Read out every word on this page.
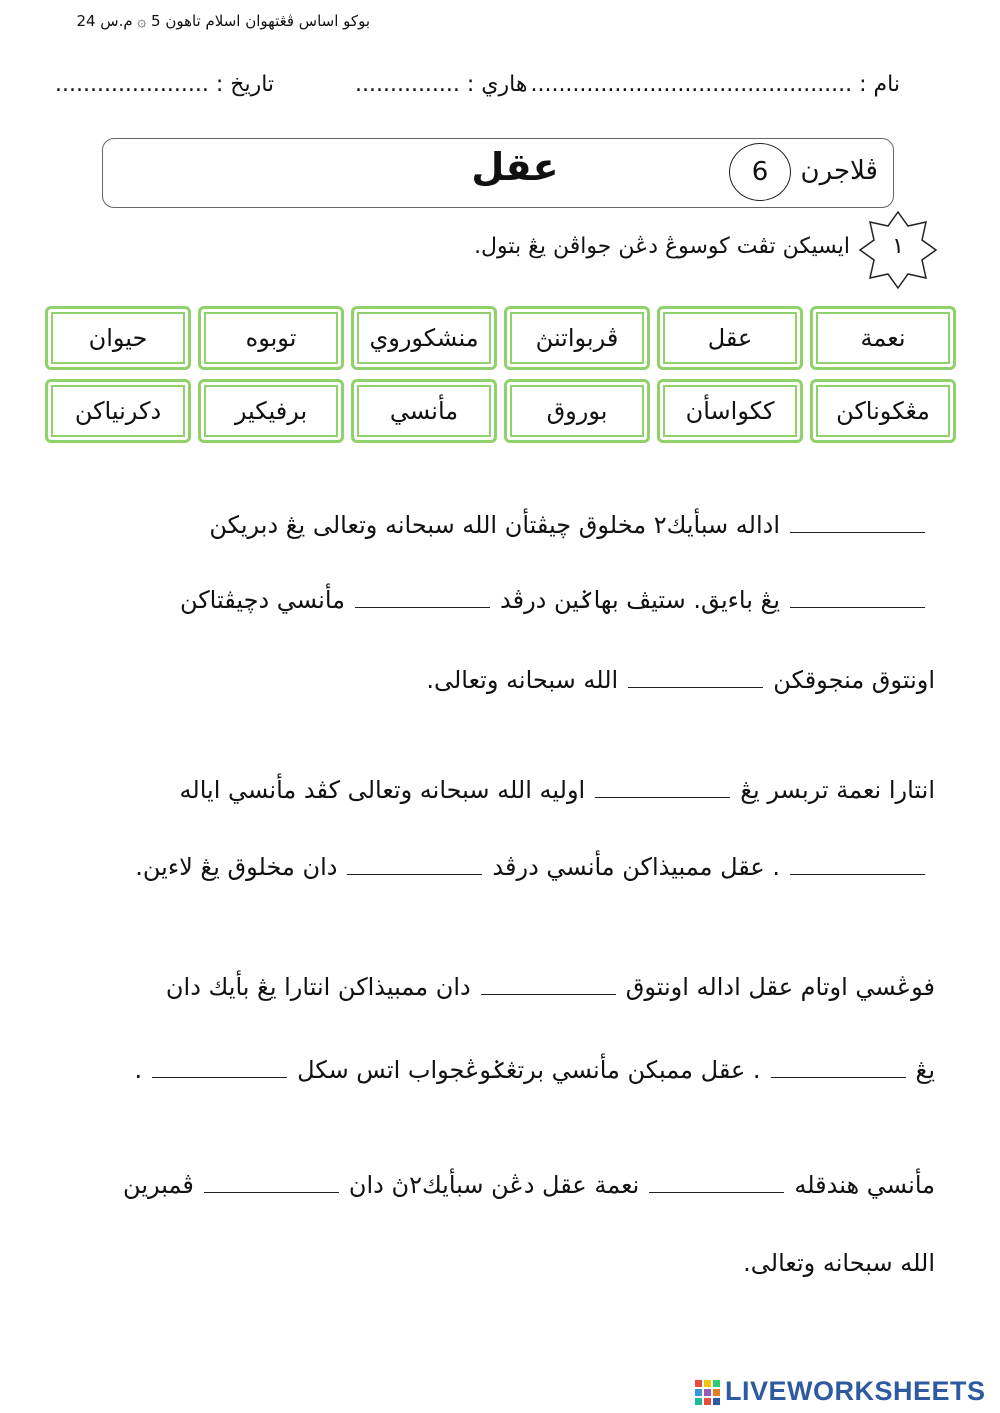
بوكو اساس ڤڠتهوان اسلام تاهون 5 ۞ م.س 24
نام : ..............................................
هاري : ...............
تاريخ : ......................
ڤلاجرن
6
عقل
١
ايسيكن تڤت كوسوڠ دڠن جواڤن يڠ بتول.
نعمة
عقل
ڤربواتنڽ
منشكوروي
توبوه
حيوان
مڠكوناكن
ككواسأن
بوروق
مأنسي
برفيكير
دكرنياكن
اداله سبأيك٢ مخلوق چيڤتأن الله سبحانه وتعالى يڠ دبريكن
يڠ باءيق. ستيڤ بهاݢين درڤدمأنسي دچيڤتاكن
اونتوق منجوقكنالله سبحانه وتعالى.
انتارا نعمة تربسر يڠاوليه الله سبحانه وتعالى كڤد مأنسي اياله
. عقل ممبيذاكن مأنسي درڤددان مخلوق يڠ لاءين.
فوڠسي اوتام عقل اداله اونتوقدان ممبيذاكن انتارا يڠ بأيك دان
يڠ. عقل ممبكن مأنسي برتڠݢوڠجواب اتس سكل.
مأنسي هندقلهنعمة عقل دڠن سبأيك٢ڽ دانڤمبرين
الله سبحانه وتعالى.
LIVEWORKSHEETS
